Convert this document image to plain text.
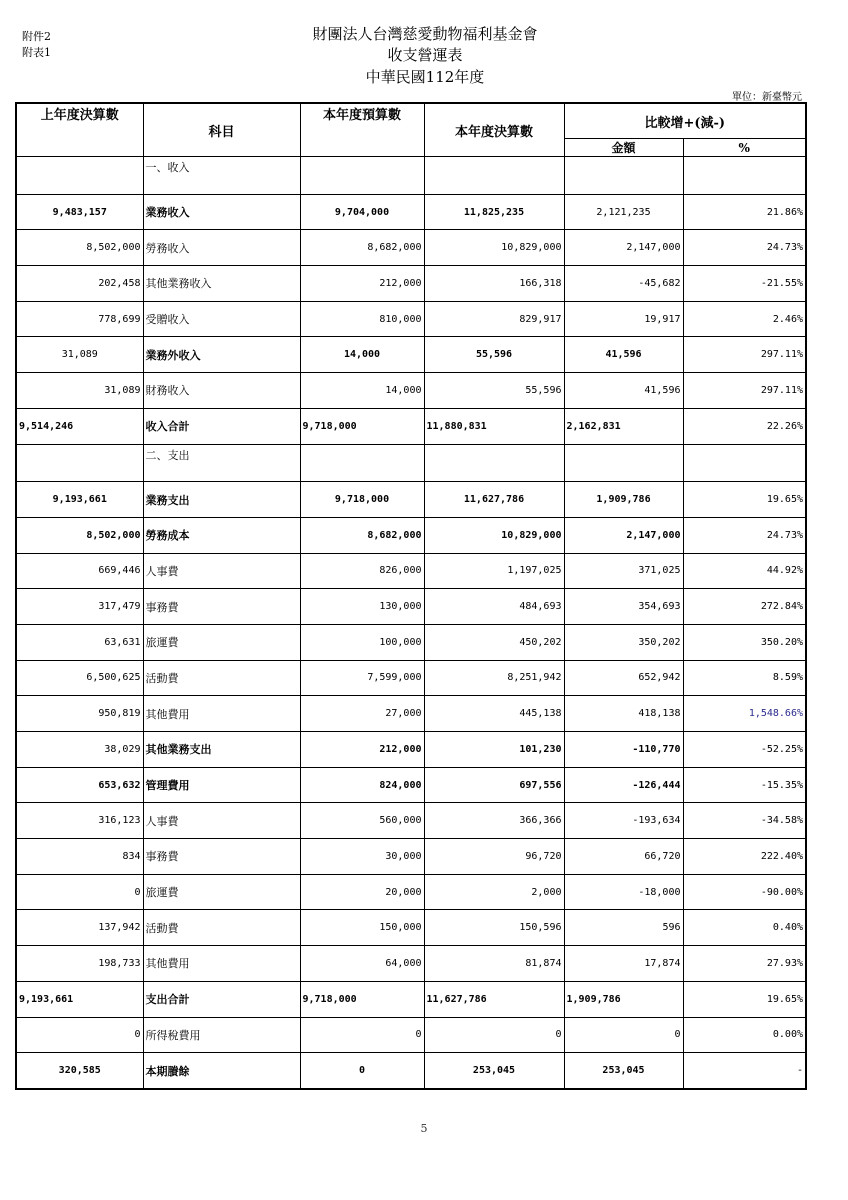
附件2
附表1
財團法人台灣慈愛動物福利基金會
收支營運表
中華民國112年度
單位：新臺幣元
上年度決算數	科目	本年度預算數	本年度決算數	比較增+(減-)	
				金額	%
	一、收入				
9,483,157	業務收入	9,704,000	11,825,235	2,121,235	21.86%
8,502,000	勞務收入	8,682,000	10,829,000	2,147,000	24.73%
202,458	其他業務收入	212,000	166,318	-45,682	-21.55%
778,699	受贈收入	810,000	829,917	19,917	2.46%
31,089	業務外收入	14,000	55,596	41,596	297.11%
31,089	財務收入	14,000	55,596	41,596	297.11%
9,514,246	收入合計	9,718,000	11,880,831	2,162,831	22.26%
	二、支出				
9,193,661	業務支出	9,718,000	11,627,786	1,909,786	19.65%
8,502,000	勞務成本	8,682,000	10,829,000	2,147,000	24.73%
669,446	人事費	826,000	1,197,025	371,025	44.92%
317,479	事務費	130,000	484,693	354,693	272.84%
63,631	旅運費	100,000	450,202	350,202	350.20%
6,500,625	活動費	7,599,000	8,251,942	652,942	8.59%
950,819	其他費用	27,000	445,138	418,138	1,548.66%
38,029	其他業務支出	212,000	101,230	-110,770	-52.25%
653,632	管理費用	824,000	697,556	-126,444	-15.35%
316,123	人事費	560,000	366,366	-193,634	-34.58%
834	事務費	30,000	96,720	66,720	222.40%
0	旅運費	20,000	2,000	-18,000	-90.00%
137,942	活動費	150,000	150,596	596	0.40%
198,733	其他費用	64,000	81,874	17,874	27.93%
9,193,661	支出合計	9,718,000	11,627,786	1,909,786	19.65%
0	所得稅費用	0	0	0	0.00%
320,585	本期賸餘	0	253,045	253,045	-
5
